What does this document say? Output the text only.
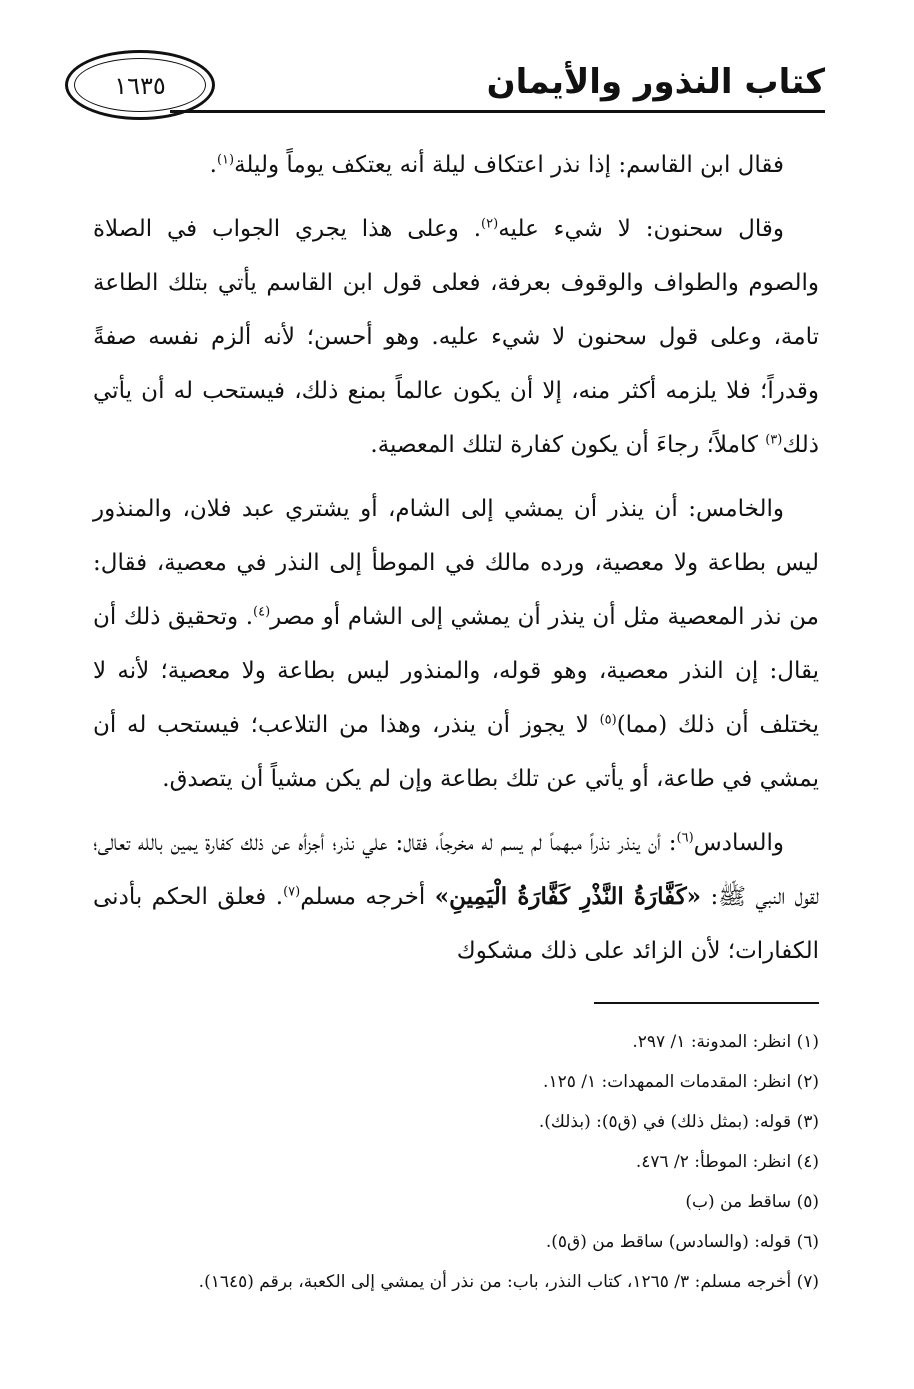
كتاب النذور والأيمان
١٦٣٥

فقال ابن القاسم: إذا نذر اعتكاف ليلة أنه يعتكف يوماً وليلة$^{(١)}$.

وقال سحنون: لا شيء عليه$^{(٢)}$. وعلى هذا يجري الجواب في الصلاة والصوم والطواف والوقوف بعرفة، فعلى قول ابن القاسم يأتي بتلك الطاعة تامة، وعلى قول سحنون لا شيء عليه. وهو أحسن؛ لأنه ألزم نفسه صفةً وقدراً؛ فلا يلزمه أكثر منه، إلا أن يكون عالماً بمنع ذلك، فيستحب له أن يأتي ذلك$^{(٣)}$ كاملاً؛ رجاءَ أن يكون كفارة لتلك المعصية.

والخامس: أن ينذر أن يمشي إلى الشام، أو يشتري عبد فلان، والمنذور ليس بطاعة ولا معصية، ورده مالك في الموطأ إلى النذر في معصية، فقال: من نذر المعصية مثل أن ينذر أن يمشي إلى الشام أو مصر$^{(٤)}$. وتحقيق ذلك أن يقال: إن النذر معصية، وهو قوله، والمنذور ليس بطاعة ولا معصية؛ لأنه لا يختلف أن ذلك (مما)$^{(٥)}$ لا يجوز أن ينذر، وهذا من التلاعب؛ فيستحب له أن يمشي في طاعة، أو يأتي عن تلك بطاعة وإن لم يكن مشياً أن يتصدق.

والسادس$^{(٦)}$: أن ينذر نذراً مبهماً لم يسم له مخرجاً، فقال: علي نذر؛ أجزأه عن ذلك كفارة يمين بالله تعالى؛ لقول النبي ﷺ: «كَفَّارَةُ النَّذْرِ كَفَّارَةُ الْيَمِينِ» أخرجه مسلم$^{(٧)}$. فعلق الحكم بأدنى الكفارات؛ لأن الزائد على ذلك مشكوك

(١) انظر: المدونة: ١/ ٢٩٧.
(٢) انظر: المقدمات الممهدات: ١/ ١٢٥.
(٣) قوله: (بمثل ذلك) في (ق٥): (بذلك).
(٤) انظر: الموطأ: ٢/ ٤٧٦.
(٥) ساقط من (ب)
(٦) قوله: (والسادس) ساقط من (ق٥).
(٧) أخرجه مسلم: ٣/ ١٢٦٥، كتاب النذر، باب: من نذر أن يمشي إلى الكعبة، برقم (١٦٤٥).
